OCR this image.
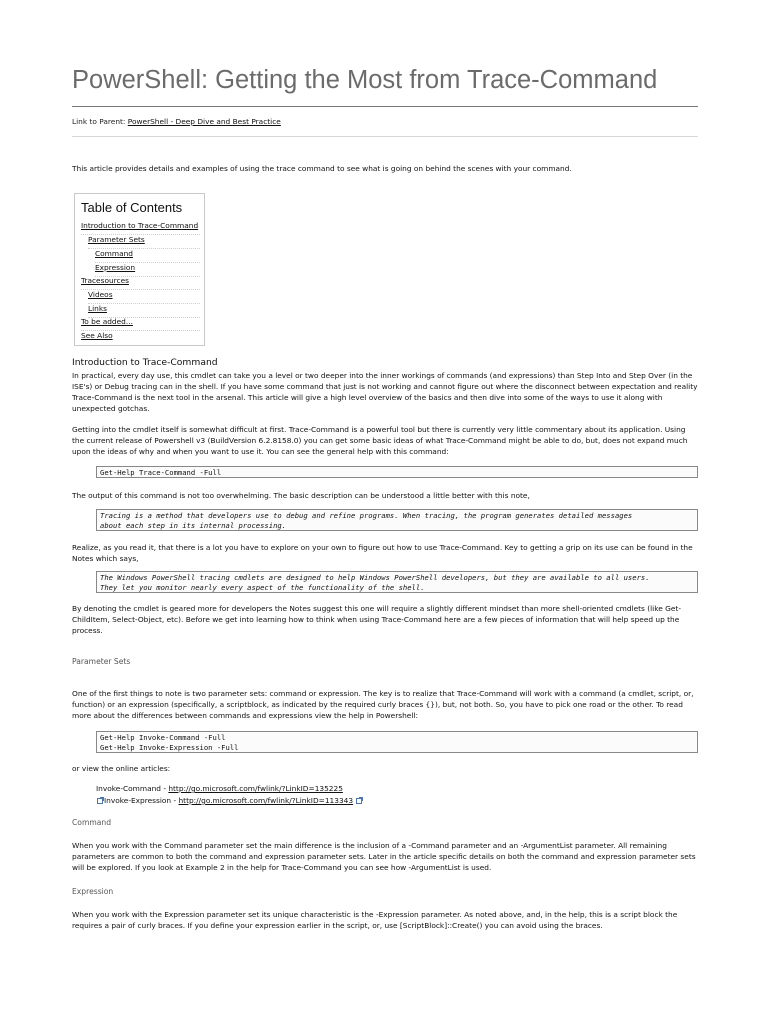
PowerShell: Getting the Most from Trace-Command
Link to Parent: PowerShell - Deep Dive and Best Practice

This article provides details and examples of using the trace command to see what is going on behind the scenes with your command.

Table of Contents
Introduction to Trace-Command
Parameter Sets
Command
Expression
Tracesources
Videos
Links
To be added...
See Also
Introduction to Trace-Command

In practical, every day use, this cmdlet can take you a level or two deeper into the inner workings of commands (and expressions) than Step Into and Step Over (in the ISE's) or Debug tracing can in the shell. If you have some command that just is not working and cannot figure out where the disconnect between expectation and reality Trace-Command is the next tool in the arsenal. This article will give a high level overview of the basics and then dive into some of the ways to use it along with unexpected gotchas.

Getting into the cmdlet itself is somewhat difficult at first. Trace-Command is a powerful tool but there is currently very little commentary about its application. Using the current release of Powershell v3 (BuildVersion 6.2.8158.0) you can get some basic ideas of what Trace-Command might be able to do, but, does not expand much upon the ideas of why and when you want to use it. You can see the general help with this command:

Get-Help Trace-Command -Full

The output of this command is not too overwhelming. The basic description can be understood a little better with this note,

Tracing is a method that developers use to debug and refine programs. When tracing, the program generates detailed messages
about each step in its internal processing.

Realize, as you read it, that there is a lot you have to explore on your own to figure out how to use Trace-Command. Key to getting a grip on its use can be found in the Notes which says,

The Windows PowerShell tracing cmdlets are designed to help Windows PowerShell developers, but they are available to all users.
They let you monitor nearly every aspect of the functionality of the shell.

By denoting the cmdlet is geared more for developers the Notes suggest this one will require a slightly different mindset than more shell-oriented cmdlets (like Get-ChildItem, Select-Object, etc). Before we get into learning how to think when using Trace-Command here are a few pieces of information that will help speed up the process.

Parameter Sets

One of the first things to note is two parameter sets: command or expression. The key is to realize that Trace-Command will work with a command (a cmdlet, script, or, function) or an expression (specifically, a scriptblock, as indicated by the required curly braces {}), but, not both. So, you have to pick one road or the other. To read more about the differences between commands and expressions view the help in Powershell:

Get-Help Invoke-Command -Full
Get-Help Invoke-Expression -Full

or view the online articles:

Invoke-Command - http://go.microsoft.com/fwlink/?LinkID=135225
Invoke-Expression - http://go.microsoft.com/fwlink/?LinkID=113343
Command

When you work with the Command parameter set the main difference is the inclusion of a -Command parameter and an -ArgumentList parameter. All remaining parameters are common to both the command and expression parameter sets. Later in the article specific details on both the command and expression parameter sets will be explored. If you look at Example 2 in the help for Trace-Command you can see how -ArgumentList is used.

Expression

When you work with the Expression parameter set its unique characteristic is the -Expression parameter. As noted above, and, in the help, this is a script block the requires a pair of curly braces. If you define your expression earlier in the script, or, use [ScriptBlock]::Create() you can avoid using the braces.
